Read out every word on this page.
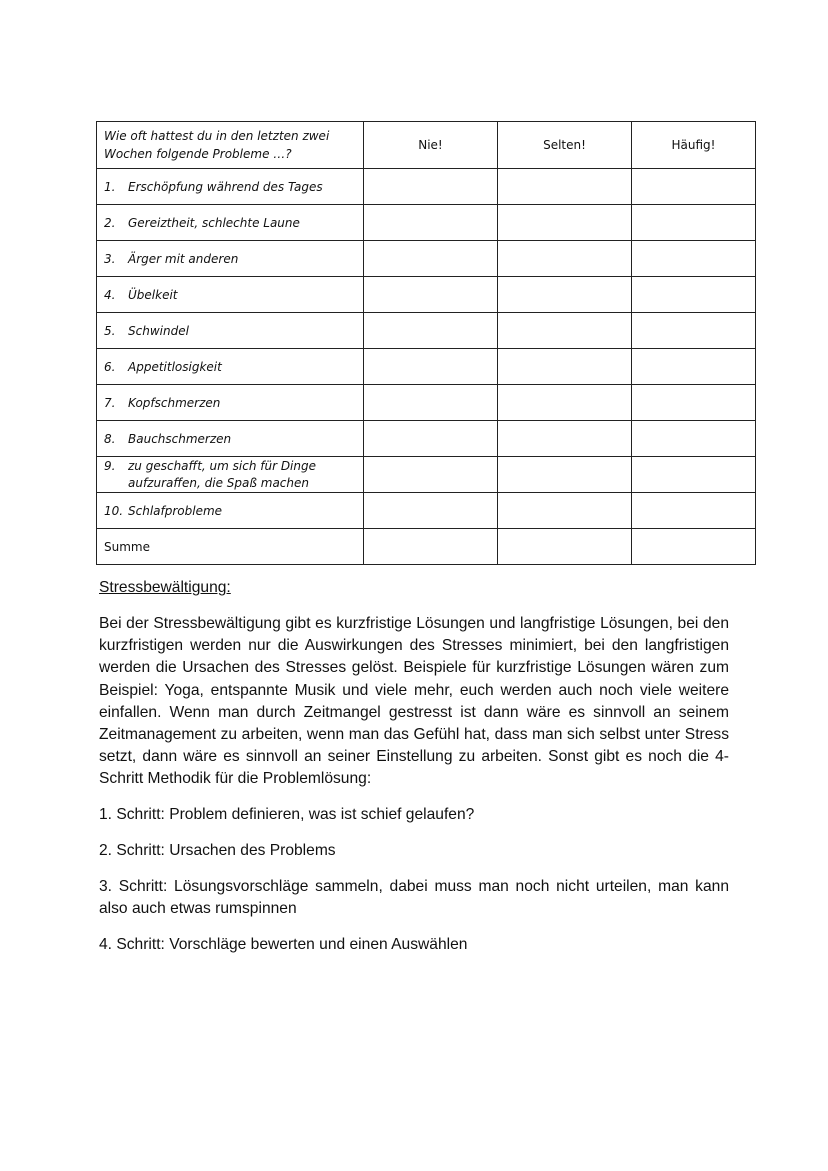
Wie oft hattest du in den letzten zwei Wochen folgende Probleme …?	Nie!	Selten!	Häufig!

1. Erschöpfung während des Tages			

2. Gereiztheit, schlechte Laune			

3. Ärger mit anderen			

4. Übelkeit			

5. Schwindel			

6. Appetitlosigkeit			

7. Kopfschmerzen			

8. Bauchschmerzen			

9. zu geschafft, um sich für Dinge aufzuraffen, die Spaß machen			

10. Schlafprobleme			

Summe			
Stressbewältigung:

Bei der Stressbewältigung gibt es kurzfristige Lösungen und langfristige Lösungen, bei den kurzfristigen werden nur die Auswirkungen des Stresses minimiert, bei den langfristigen werden die Ursachen des Stresses gelöst. Beispiele für kurzfristige Lösungen wären zum Beispiel: Yoga, entspannte Musik und viele mehr, euch werden auch noch viele weitere einfallen. Wenn man durch Zeitmangel gestresst ist dann wäre es sinnvoll an seinem Zeitmanagement zu arbeiten, wenn man das Gefühl hat, dass man sich selbst unter Stress setzt, dann wäre es sinnvoll an seiner Einstellung zu arbeiten. Sonst gibt es noch die 4-Schritt Methodik für die Problemlösung:

1. Schritt: Problem definieren, was ist schief gelaufen?

2. Schritt: Ursachen des Problems

3. Schritt: Lösungsvorschläge sammeln, dabei muss man noch nicht urteilen, man kann also auch etwas rumspinnen

4. Schritt: Vorschläge bewerten und einen Auswählen
